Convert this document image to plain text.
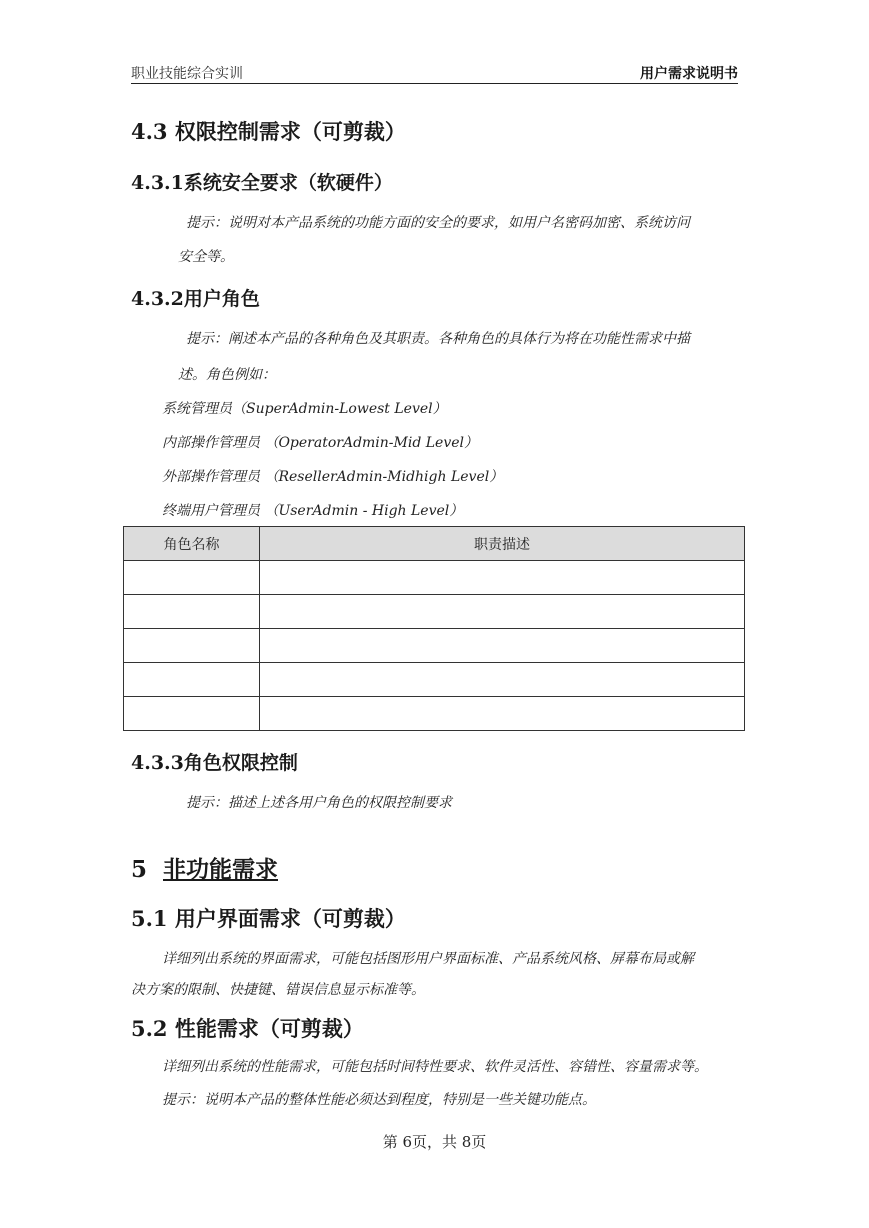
职业技能综合实训	用户需求说明书
4.3 权限控制需求（可剪裁）
4.3.1系统安全要求（软硬件）
提示：说明对本产品系统的功能方面的安全的要求，如用户名密码加密、系统访问
安全等。
4.3.2用户角色
提示：阐述本产品的各种角色及其职责。各种角色的具体行为将在功能性需求中描
述。角色例如：
系统管理员（SuperAdmin-Lowest Level）
内部操作管理员 （OperatorAdmin-Mid Level）
外部操作管理员 （ResellerAdmin-Midhigh Level）
终端用户管理员 （UserAdmin - High Level）
角色名称	职责描述

4.3.3角色权限控制
提示：描述上述各用户角色的权限控制要求
5 非功能需求
5.1 用户界面需求（可剪裁）
详细列出系统的界面需求，可能包括图形用户界面标准、产品系统风格、屏幕布局或解
决方案的限制、快捷键、错误信息显示标准等。
5.2 性能需求（可剪裁）
详细列出系统的性能需求，可能包括时间特性要求、软件灵活性、容错性、容量需求等。
提示：说明本产品的整体性能必须达到程度，特别是一些关键功能点。
第 6页，共 8页
